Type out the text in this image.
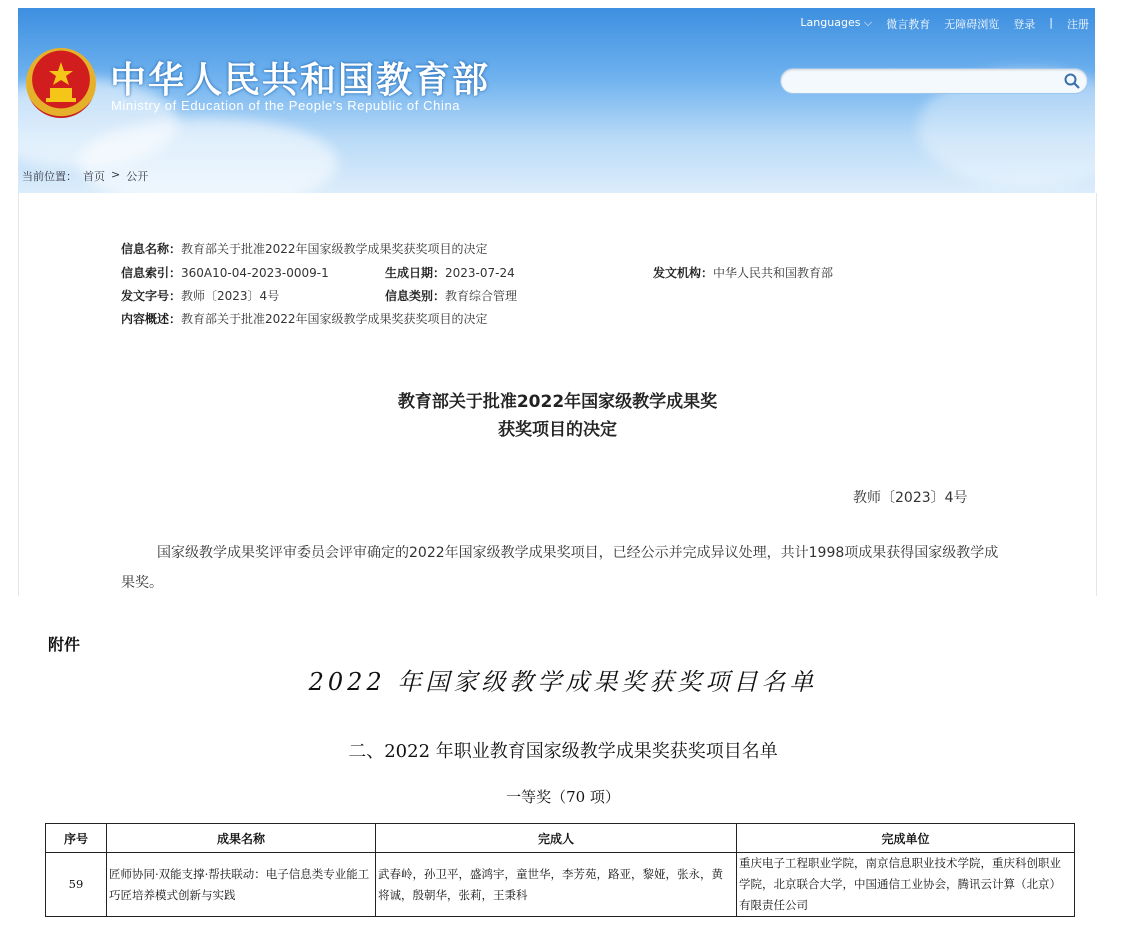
Languages ⌵ 微言教育 无障碍浏览 登录 | 注册
中华人民共和国教育部
Ministry of Education of the People's Republic of China
当前位置： 首页 > 公开
信息名称：教育部关于批准2022年国家级教学成果奖获奖项目的决定
信息索引：360A10-04-2023-0009-1	生成日期：2023-07-24	发文机构：中华人民共和国教育部
发文字号：教师〔2023〕4号	信息类别：教育综合管理
内容概述：教育部关于批准2022年国家级教学成果奖获奖项目的决定
教育部关于批准2022年国家级教学成果奖
获奖项目的决定
教师〔2023〕4号
国家级教学成果奖评审委员会评审确定的2022年国家级教学成果奖项目，已经公示并完成异议处理，共计1998项成果获得国家级教学成果奖。
附件
2022 年国家级教学成果奖获奖项目名单
二、2022 年职业教育国家级教学成果奖获奖项目名单
一等奖（70 项）
序号	成果名称	完成人	完成单位
59	匠师协同·双能支撑·帮扶联动：电子信息类专业能工巧匠培养模式创新与实践	武春岭，孙卫平，盛鸿宇，童世华，李芳苑，路亚，黎娅，张永，黄将诚，殷朝华，张莉，王秉科	重庆电子工程职业学院，南京信息职业技术学院，重庆科创职业学院，北京联合大学，中国通信工业协会，腾讯云计算（北京）有限责任公司
